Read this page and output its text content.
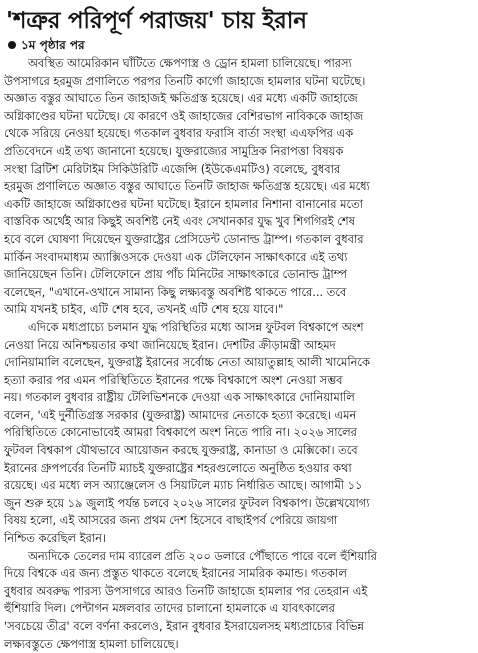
'শত্রুর পরিপূর্ণ পরাজয়' চায় ইরান
১ম পৃষ্ঠার পর
অবস্থিত আমেরিকান ঘাঁটিতে ক্ষেপণাস্ত্র ও ড্রোন হামলা চালিয়েছে। পারস্য
উপসাগরে হরমুজ প্রণালিতে পরপর তিনটি কার্গো জাহাজে হামলার ঘটনা ঘটেছে।
অজ্ঞাত বস্তুর আঘাতে তিন জাহাজই ক্ষতিগ্রস্ত হয়েছে। এর মধ্যে একটি জাহাজে
অগ্নিকাণ্ডের ঘটনা ঘটেছে। যে কারণে ওই জাহাজের বেশিরভাগ নাবিককে জাহাজ
থেকে সরিয়ে নেওয়া হয়েছে। গতকাল বুধবার ফরাসি বার্তা সংস্থা এএফপির এক
প্রতিবেদনে এই তথ্য জানানো হয়েছে। যুক্তরাজ্যের সামুদ্রিক নিরাপত্তা বিষয়ক
সংস্থা ব্রিটিশ মেরিটাইম সিকিউরিটি এজেন্সি (ইউকেএমটিও) বলেছে, বুধবার
হরমুজ প্রণালিতে অজ্ঞাত বস্তুর আঘাতে তিনটি জাহাজ ক্ষতিগ্রস্ত হয়েছে। এর মধ্যে
একটি জাহাজে অগ্নিকাণ্ডের ঘটনা ঘটেছে। ইরানে হামলার নিশানা বানানোর মতো
বাস্তবিক অর্থেই আর কিছুই অবশিষ্ট নেই এবং সেখানকার যুদ্ধ খুব শিগগিরই শেষ
হবে বলে ঘোষণা দিয়েছেন যুক্তরাষ্ট্রের প্রেসিডেন্ট ডোনাল্ড ট্রাম্প। গতকাল বুধবার
মার্কিন সংবাদমাধ্যম অ্যাক্সিওসকে দেওয়া এক টেলিফোন সাক্ষাৎকারে এই তথ্য
জানিয়েছেন তিনি। টেলিফোনে প্রায় পাঁচ মিনিটের সাক্ষাৎকারে ডোনাল্ড ট্রাম্প
বলেছেন, "এখানে-ওখানে সামান্য কিছু লক্ষ্যবস্তু অবশিষ্ট থাকতে পারে... তবে
আমি যখনই চাইব, এটি শেষ হবে, তখনই এটি শেষ হয়ে যাবে।"
এদিকে মধ্যপ্রাচ্যে চলমান যুদ্ধ পরিস্থিতির মধ্যে আসন্ন ফুটবল বিশ্বকাপে অংশ
নেওয়া নিয়ে অনিশ্চয়তার কথা জানিয়েছে ইরান। দেশটির ক্রীড়ামন্ত্রী আহমদ
দোনিয়ামালি বলেছেন, যুক্তরাষ্ট্র ইরানের সর্বোচ্চ নেতা আয়াতুল্লাহ আলী খামেনিকে
হত্যা করার পর এমন পরিস্থিতিতে ইরানের পক্ষে বিশ্বকাপে অংশ নেওয়া সম্ভব
নয়। গতকাল বুধবার রাষ্ট্রীয় টেলিভিশনকে দেওয়া এক সাক্ষাৎকারে দোনিয়ামালি
বলেন, 'এই দুর্নীতিগ্রস্ত সরকার (যুক্তরাষ্ট্র) আমাদের নেতাকে হত্যা করেছে। এমন
পরিস্থিতিতে কোনোভাবেই আমরা বিশ্বকাপে অংশ নিতে পারি না। ২০২৬ সালের
ফুটবল বিশ্বকাপ যৌথভাবে আয়োজন করছে যুক্তরাষ্ট্র, কানাডা ও মেক্সিকো। তবে
ইরানের গ্রুপপর্বের তিনটি ম্যাচই যুক্তরাষ্ট্রের শহরগুলোতে অনুষ্ঠিত হওয়ার কথা
রয়েছে। এর মধ্যে লস অ্যাঞ্জেলেস ও সিয়াটলে ম্যাচ নির্ধারিত আছে। আগামী ১১
জুন শুরু হয়ে ১৯ জুলাই পর্যন্ত চলবে ২০২৬ সালের ফুটবল বিশ্বকাপ। উল্লেখযোগ্য
বিষয় হলো, এই আসরের জন্য প্রথম দেশ হিসেবে বাছাইপর্ব পেরিয়ে জায়গা
নিশ্চিত করেছিল ইরান।
অন্যদিকে তেলের দাম ব্যারেল প্রতি ২০০ ডলারে পৌঁছাতে পারে বলে হুঁশিয়ারি
দিয়ে বিশ্বকে এর জন্য প্রস্তুত থাকতে বলেছে ইরানের সামরিক কমান্ড। গতকাল
বুধবার অবরুদ্ধ পারস্য উপসাগরে আরও তিনটি জাহাজে হামলার পর তেহরান এই
হুঁশিয়ারি দিল। পেন্টাগন মঙ্গলবার তাদের চালানো হামলাকে এ যাবৎকালের
'সবচেয়ে তীব্র' বলে বর্ণনা করলেও, ইরান বুধবার ইসরায়েলসহ মধ্যপ্রাচ্যের বিভিন্ন
লক্ষ্যবস্তুতে ক্ষেপণাস্ত্র হামলা চালিয়েছে।
